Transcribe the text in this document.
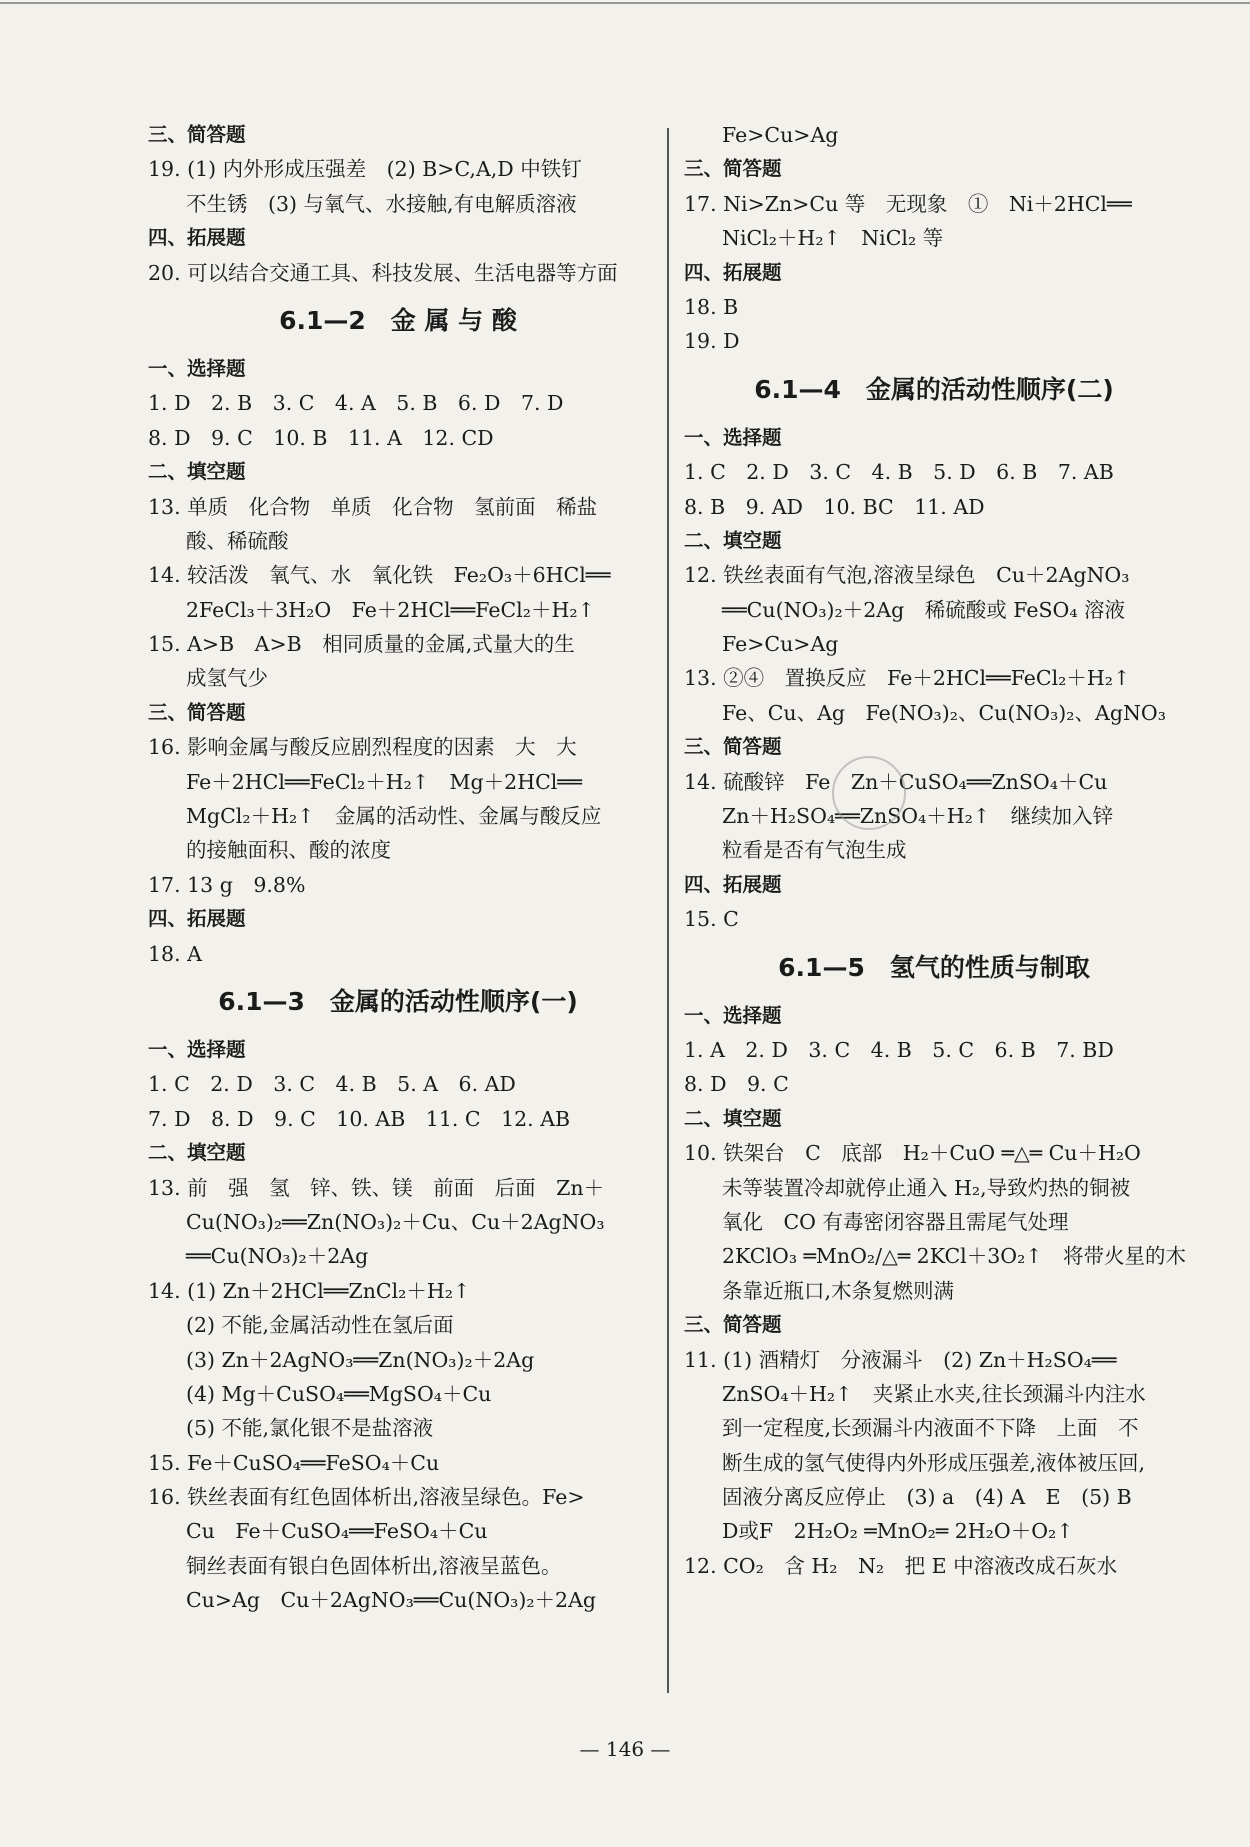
三、简答题
19. (1) 内外形成压强差　(2) B>C,A,D 中铁钉
不生锈　(3) 与氧气、水接触,有电解质溶液
四、拓展题
20. 可以结合交通工具、科技发展、生活电器等方面
6.1—2　金 属 与 酸
一、选择题
1. D　2. B　3. C　4. A　5. B　6. D　7. D
8. D　9. C　10. B　11. A　12. CD
二、填空题
13. 单质　化合物　单质　化合物　氢前面　稀盐
酸、稀硫酸
14. 较活泼　氧气、水　氧化铁　Fe₂O₃＋6HCl══
2FeCl₃＋3H₂O　Fe＋2HCl══FeCl₂＋H₂↑
15. A>B　A>B　相同质量的金属,式量大的生
成氢气少
三、简答题
16. 影响金属与酸反应剧烈程度的因素　大　大
Fe＋2HCl══FeCl₂＋H₂↑　Mg＋2HCl══
MgCl₂＋H₂↑　金属的活动性、金属与酸反应
的接触面积、酸的浓度
17. 13 g　9.8%
四、拓展题
18. A
6.1—3　金属的活动性顺序(一)
一、选择题
1. C　2. D　3. C　4. B　5. A　6. AD
7. D　8. D　9. C　10. AB　11. C　12. AB
二、填空题
13. 前　强　氢　锌、铁、镁　前面　后面　Zn＋
Cu(NO₃)₂══Zn(NO₃)₂＋Cu、Cu＋2AgNO₃
══Cu(NO₃)₂＋2Ag
14. (1) Zn＋2HCl══ZnCl₂＋H₂↑
(2) 不能,金属活动性在氢后面
(3) Zn＋2AgNO₃══Zn(NO₃)₂＋2Ag
(4) Mg＋CuSO₄══MgSO₄＋Cu
(5) 不能,氯化银不是盐溶液
15. Fe＋CuSO₄══FeSO₄＋Cu
16. 铁丝表面有红色固体析出,溶液呈绿色。Fe>
Cu　Fe＋CuSO₄══FeSO₄＋Cu
铜丝表面有银白色固体析出,溶液呈蓝色。
Cu>Ag　Cu＋2AgNO₃══Cu(NO₃)₂＋2Ag
Fe>Cu>Ag
三、简答题
17. Ni>Zn>Cu 等　无现象　①　Ni＋2HCl══
NiCl₂＋H₂↑　NiCl₂ 等
四、拓展题
18. B
19. D
6.1—4　金属的活动性顺序(二)
一、选择题
1. C　2. D　3. C　4. B　5. D　6. B　7. AB
8. B　9. AD　10. BC　11. AD
二、填空题
12. 铁丝表面有气泡,溶液呈绿色　Cu＋2AgNO₃
══Cu(NO₃)₂＋2Ag　稀硫酸或 FeSO₄ 溶液
Fe>Cu>Ag
13. ②④　置换反应　Fe＋2HCl══FeCl₂＋H₂↑
Fe、Cu、Ag　Fe(NO₃)₂、Cu(NO₃)₂、AgNO₃
三、简答题
14. 硫酸锌　Fe　Zn＋CuSO₄══ZnSO₄＋Cu
Zn＋H₂SO₄══ZnSO₄＋H₂↑　继续加入锌
粒看是否有气泡生成
四、拓展题
15. C
6.1—5　氢气的性质与制取
一、选择题
1. A　2. D　3. C　4. B　5. C　6. B　7. BD
8. D　9. C
二、填空题
10. 铁架台　C　底部　H₂＋CuO ═△═ Cu＋H₂O
未等装置冷却就停止通入 H₂,导致灼热的铜被
氧化　CO 有毒密闭容器且需尾气处理
2KClO₃ ═MnO₂/△═ 2KCl＋3O₂↑　将带火星的木
条靠近瓶口,木条复燃则满
三、简答题
11. (1) 酒精灯　分液漏斗　(2) Zn＋H₂SO₄══
ZnSO₄＋H₂↑　夹紧止水夹,往长颈漏斗内注水
到一定程度,长颈漏斗内液面不下降　上面　不
断生成的氢气使得内外形成压强差,液体被压回,
固液分离反应停止　(3) a　(4) A　E　(5) B
D或F　2H₂O₂ ═MnO₂═ 2H₂O＋O₂↑
12. CO₂　含 H₂　N₂　把 E 中溶液改成石灰水
— 146 —
